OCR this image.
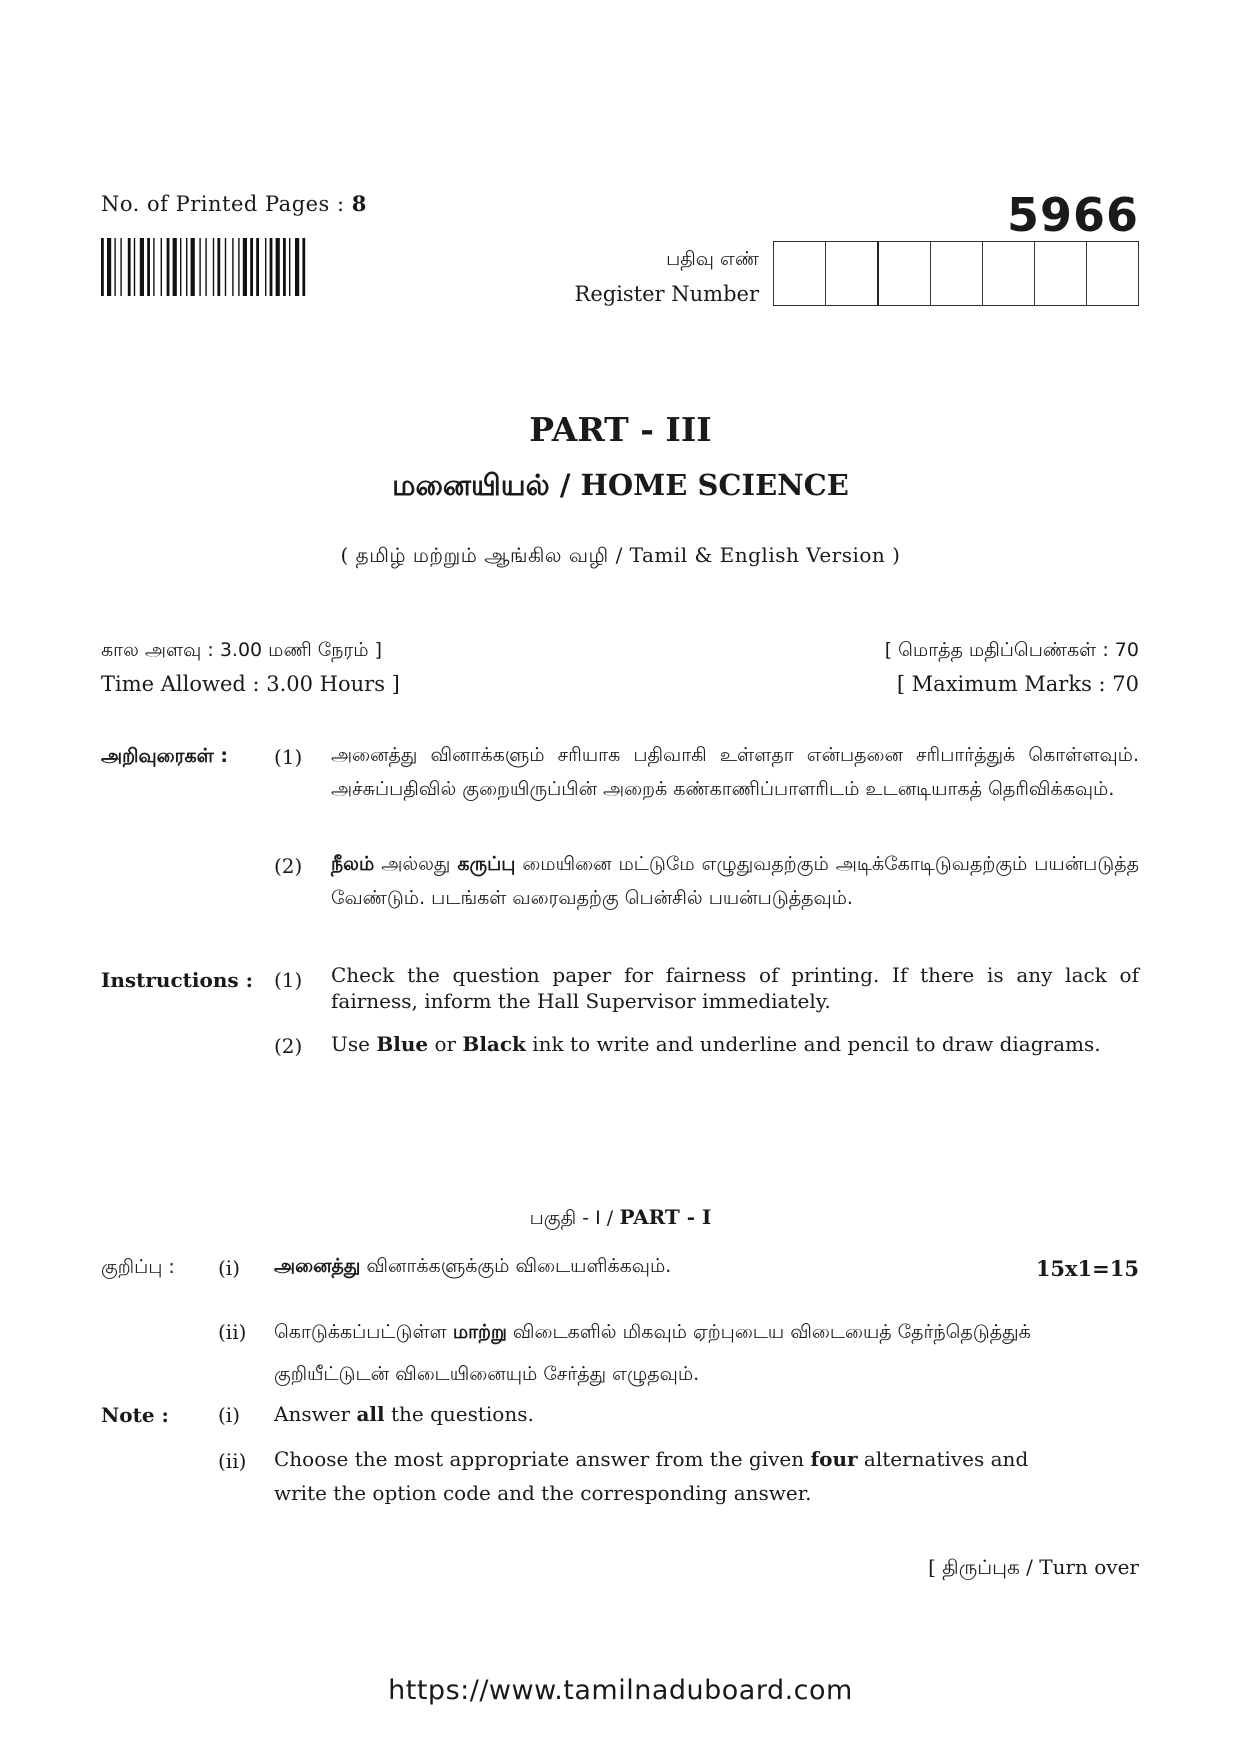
No. of Printed Pages : 8	5966
பதிவு எண்
Register Number
PART - III
மனையியல் / HOME SCIENCE
( தமிழ் மற்றும் ஆங்கில வழி / Tamil & English Version )
கால அளவு : 3.00 மணி நேரம் ]
Time Allowed : 3.00 Hours ]
[ மொத்த மதிப்பெண்கள் : 70
[ Maximum Marks : 70
அறிவுரைகள் : (1) அனைத்து வினாக்களும் சரியாக பதிவாகி உள்ளதா என்பதனை சரிபார்த்துக் கொள்ளவும். அச்சுப்பதிவில் குறையிருப்பின் அறைக் கண்காணிப்பாளரிடம் உடனடியாகத் தெரிவிக்கவும்.
(2) நீலம் அல்லது கருப்பு மையினை மட்டுமே எழுதுவதற்கும் அடிக்கோடிடுவதற்கும் பயன்படுத்த வேண்டும். படங்கள் வரைவதற்கு பென்சில் பயன்படுத்தவும்.
Instructions : (1) Check the question paper for fairness of printing. If there is any lack of fairness, inform the Hall Supervisor immediately.
(2) Use Blue or Black ink to write and underline and pencil to draw diagrams.
பகுதி - I / PART - I
குறிப்பு : (i) அனைத்து வினாக்களுக்கும் விடையளிக்கவும்.	15x1=15
(ii) கொடுக்கப்பட்டுள்ள மாற்று விடைகளில் மிகவும் ஏற்புடைய விடையைத் தேர்ந்தெடுத்துக் குறியீட்டுடன் விடையினையும் சேர்த்து எழுதவும்.
Note : (i) Answer all the questions.
(ii) Choose the most appropriate answer from the given four alternatives and write the option code and the corresponding answer.
[ திருப்புக / Turn over
https://www.tamilnaduboard.com
